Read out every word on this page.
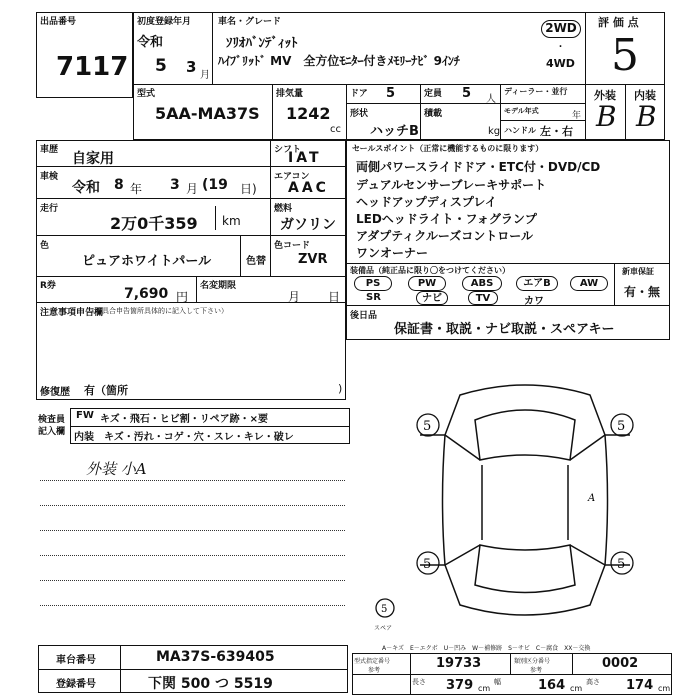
出品番号
7117
初度登録年月
令和
5 3 月
車名・グレード
ｿﾘｵﾊﾞﾝﾃﾞｨｯﾄ
ﾊｲﾌﾞﾘｯﾄﾞ MV　全方位ﾓﾆﾀｰ付きﾒﾓﾘｰﾅﾋﾞ 9ｲﾝﾁ
2WD
･
4WD
評 価 点
5
外装 内装
B B
型式
5AA-MA37S
排気量
1242
cc
ドア 5	定員 5 人
形状
ハッチB
積載
kg
ディーラー・並行
モデル年式	年
ハンドル 左・右
車歴
自家用
車検
令和 8 年 3 月 (19 日)
走行
2万0千359 km
色
ピュアホワイトパール	色替
R券	7,690 円
名変期限
月 日
シフト
IAT
エアコン
AAC
燃料
ガソリン
色コード
ZVR
注意事項申告欄
（不具合申告箇所具体的に記入して下さい）
修復歴 有（箇所	)
セールスポイント（正常に機能するものに限ります）
両側パワースライドドア・ETC付・DVD/CD
デュアルセンサーブレーキサポート
ヘッドアップディスプレイ
LEDヘッドライト・フォグランプ
アダプティクルーズコントロール
ワンオーナー
装備品（純正品に限り〇をつけてください）
PS	PW	ABS	エアB	AW
SR	ナビ	TV	カワ
新車保証
有・無
後日品
保証書・取説・ナビ取説・スペアキー
検査員
記入欄
FW キズ・飛石・ヒビ割・リペア跡・×要
内装 キズ・汚れ・コゲ・穴・スレ・キレ・破レ
外装 小A
5	5
5	5
A
5
スペア
A－キズ　E－エクボ　U－凹み　W－補修跡　S－サビ　C－腐食　XX－交換
車台番号	MA37S-639405
登録番号	下関 500 つ 5519
型式指定番号
参考	19733	類別区分番号
参考	0002
長さ 379 cm
幅	164 cm
高さ 174 cm
